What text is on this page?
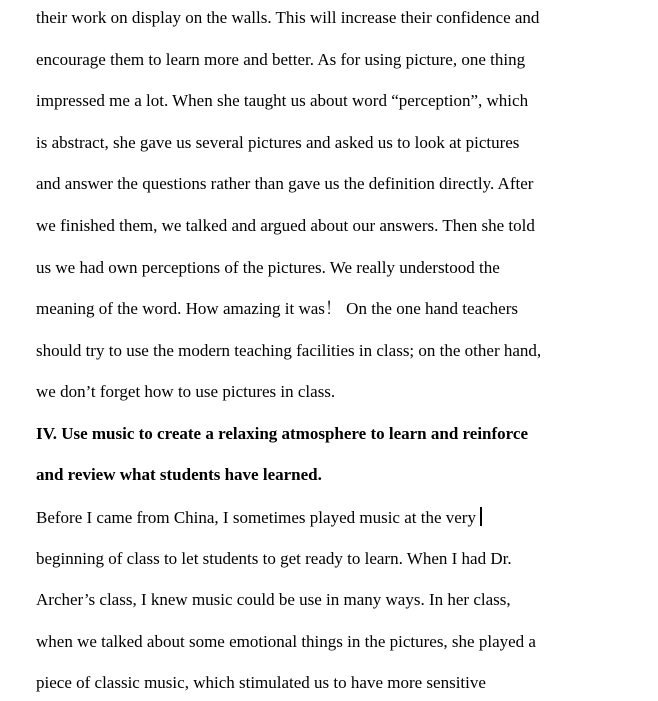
their work on display on the walls. This will increase their confidence and
encourage them to learn more and better. As for using picture, one thing
impressed me a lot. When she taught us about word “perception”, which
is abstract, she gave us several pictures and asked us to look at pictures
and answer the questions rather than gave us the definition directly. After
we finished them, we talked and argued about our answers. Then she told
us we had own perceptions of the pictures. We really understood the
meaning of the word. How amazing it was！ On the one hand teachers
should try to use the modern teaching facilities in class; on the other hand,
we don’t forget how to use pictures in class.
IV. Use music to create a relaxing atmosphere to learn and reinforce
and review what students have learned.
Before I came from China, I sometimes played music at the very
beginning of class to let students to get ready to learn. When I had Dr.
Archer’s class, I knew music could be use in many ways. In her class,
when we talked about some emotional things in the pictures, she played a
piece of classic music, which stimulated us to have more sensitive
